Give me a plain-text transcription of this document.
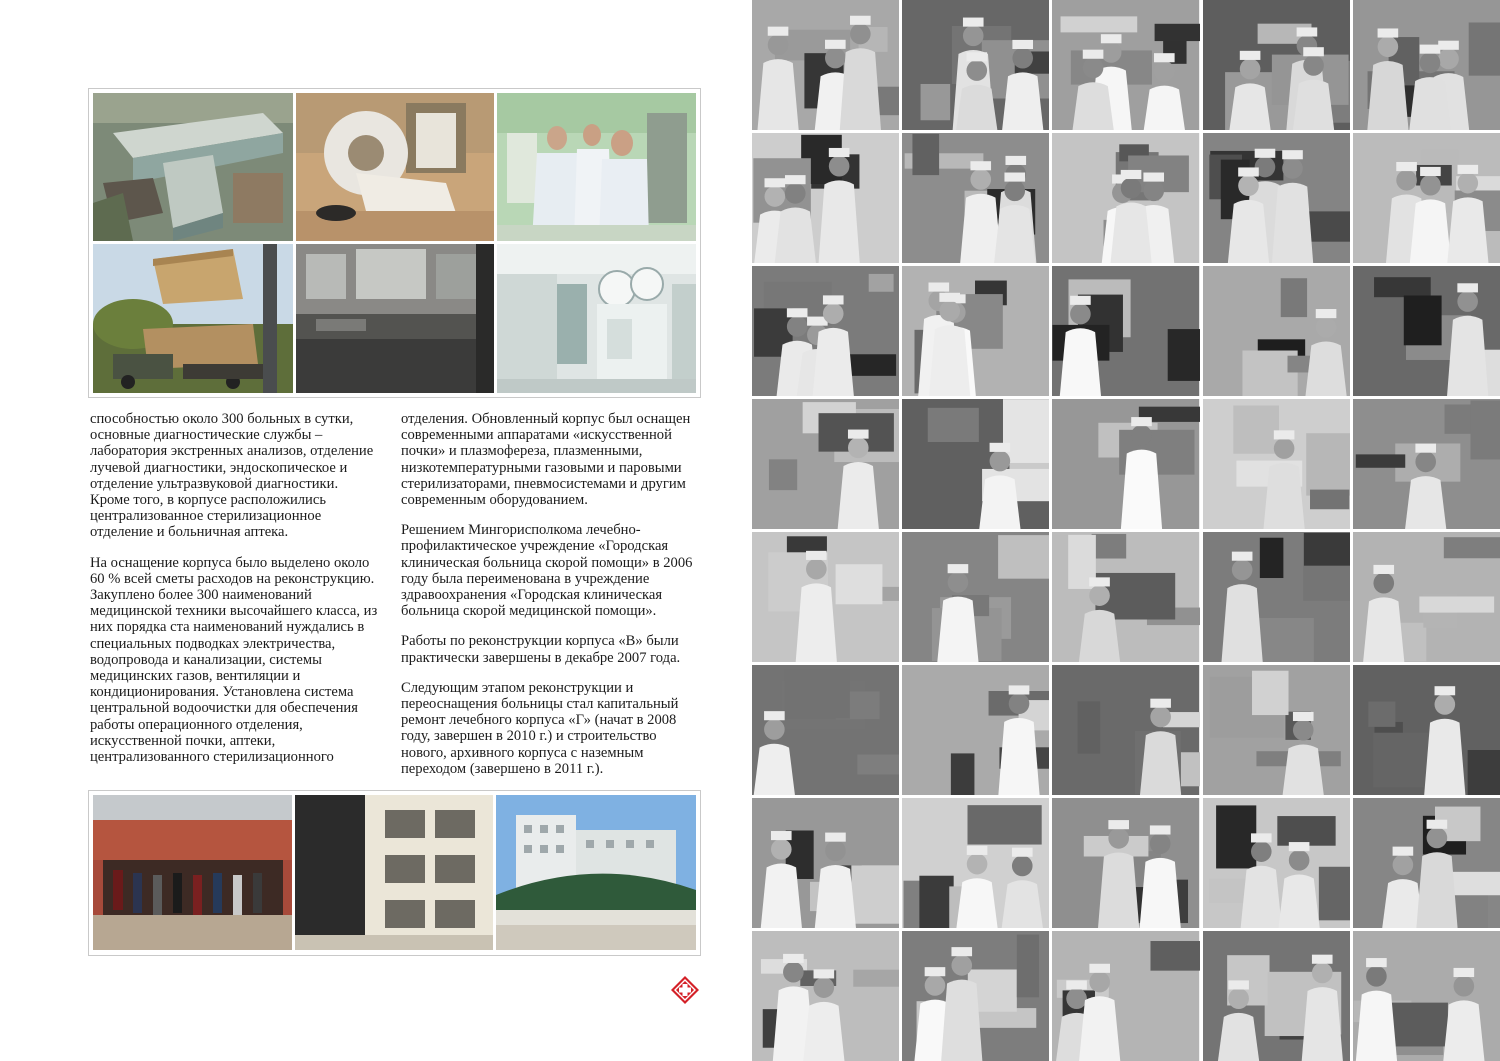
способностью около 300 больных в сутки, основные диагностические службы – лаборатория экстренных анализов, отделение лучевой диагностики, эндоскопическое и отделение ультразвуковой диагностики. Кроме того, в корпусе расположились централизованное стерилизационное отделение и больничная аптека.

На оснащение корпуса было выделено около 60 % всей сметы расходов на реконструкцию. Закуплено более 300 наименований медицинской техники высочайшего класса, из них порядка ста наименований нуждались в специальных подводках электричества, водопровода и канализации, системы медицинских газов, вентиляции и кондиционирования. Установлена система центральной водоочистки для обеспечения работы операционного отделения, искусственной почки, аптеки, централизованного стерилизационного

отделения. Обновленный корпус был оснащен современными аппаратами «искусственной почки» и плазмофереза, плазменными, низкотемпературными газовыми и паровыми стерилизаторами, пневмосистемами и другим современным оборудованием.

Решением Мингорисполкома лечебно-профилактическое учреждение «Городская клиническая больница скорой помощи» в 2006 году была переименована в учреждение здравоохранения «Городская клиническая больница скорой медицинской помощи».

Работы по реконструкции корпуса «В» были практически завершены в декабре 2007 года.

Следующим этапом реконструкции и переоснащения больницы стал капитальный ремонт лечебного корпуса «Г» (начат в 2008 году, завершен в 2010 г.) и строительство нового, архивного корпуса с наземным переходом (завершено в 2011 г.).
